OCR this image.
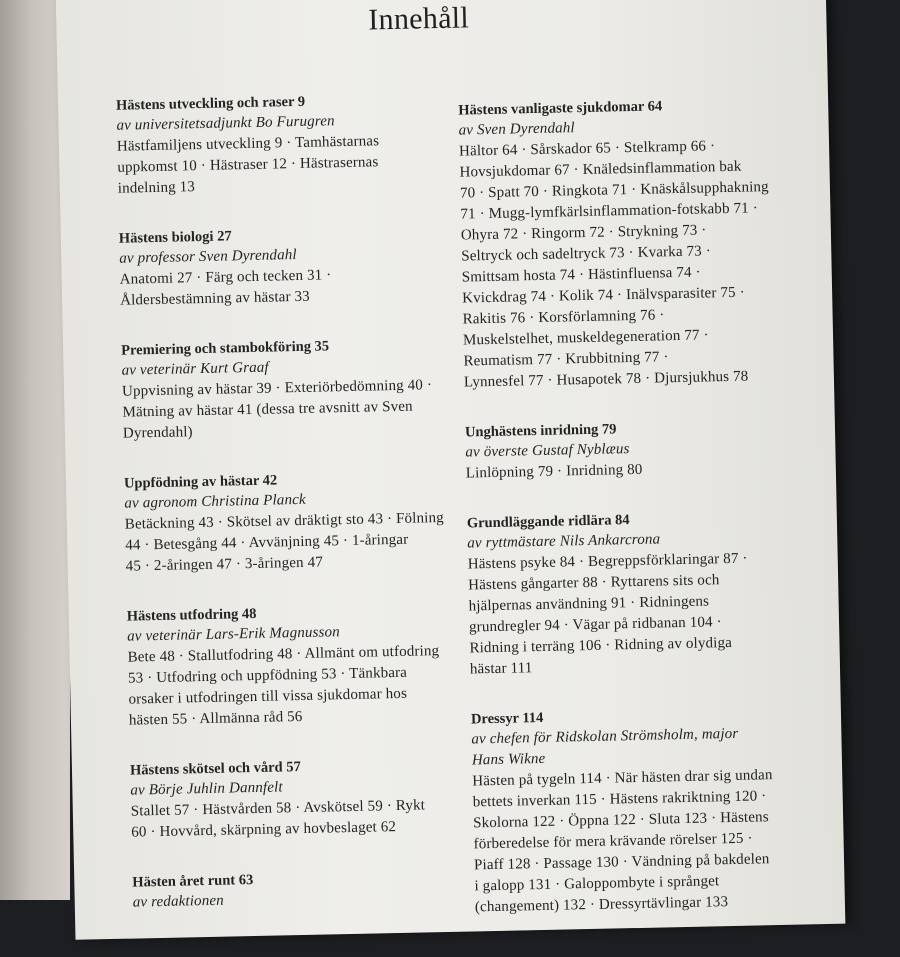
Innehåll
Hästens utveckling och raser 9
av universitetsadjunkt Bo Furugren
Hästfamiljens utveckling 9 · Tamhästarnas
uppkomst 10 · Hästraser 12 · Hästrasernas
indelning 13
Hästens biologi 27
av professor Sven Dyrendahl
Anatomi 27 · Färg och tecken 31 ·
Åldersbestämning av hästar 33
Premiering och stambokföring 35
av veterinär Kurt Graaf
Uppvisning av hästar 39 · Exteriörbedömning 40 ·
Mätning av hästar 41 (dessa tre avsnitt av Sven
Dyrendahl)
Uppfödning av hästar 42
av agronom Christina Planck
Betäckning 43 · Skötsel av dräktigt sto 43 · Fölning
44 · Betesgång 44 · Avvänjning 45 · 1-åringar
45 · 2-åringen 47 · 3-åringen 47
Hästens utfodring 48
av veterinär Lars-Erik Magnusson
Bete 48 · Stallutfodring 48 · Allmänt om utfodring
53 · Utfodring och uppfödning 53 · Tänkbara
orsaker i utfodringen till vissa sjukdomar hos
hästen 55 · Allmänna råd 56
Hästens skötsel och vård 57
av Börje Juhlin Dannfelt
Stallet 57 · Hästvården 58 · Avskötsel 59 · Rykt
60 · Hovvård, skärpning av hovbeslaget 62
Hästen året runt 63
av redaktionen
Hästens vanligaste sjukdomar 64
av Sven Dyrendahl
Hältor 64 · Sårskador 65 · Stelkramp 66 ·
Hovsjukdomar 67 · Knäledsinflammation bak
70 · Spatt 70 · Ringkota 71 · Knäskålsupphakning
71 · Mugg-lymfkärlsinflammation-fotskabb 71 ·
Ohyra 72 · Ringorm 72 · Strykning 73 ·
Seltryck och sadeltryck 73 · Kvarka 73 ·
Smittsam hosta 74 · Hästinfluensa 74 ·
Kvickdrag 74 · Kolik 74 · Inälvsparasiter 75 ·
Rakitis 76 · Korsförlamning 76 ·
Muskelstelhet, muskeldegeneration 77 ·
Reumatism 77 · Krubbitning 77 ·
Lynnesfel 77 · Husapotek 78 · Djursjukhus 78
Unghästens inridning 79
av överste Gustaf Nyblæus
Linlöpning 79 · Inridning 80
Grundläggande ridlära 84
av ryttmästare Nils Ankarcrona
Hästens psyke 84 · Begreppsförklaringar 87 ·
Hästens gångarter 88 · Ryttarens sits och
hjälpernas användning 91 · Ridningens
grundregler 94 · Vägar på ridbanan 104 ·
Ridning i terräng 106 · Ridning av olydiga
hästar 111
Dressyr 114
av chefen för Ridskolan Strömsholm, major
Hans Wikne
Hästen på tygeln 114 · När hästen drar sig undan
bettets inverkan 115 · Hästens rakriktning 120 ·
Skolorna 122 · Öppna 122 · Sluta 123 · Hästens
förberedelse för mera krävande rörelser 125 ·
Piaff 128 · Passage 130 · Vändning på bakdelen
i galopp 131 · Galoppombyte i språnget
(changement) 132 · Dressyrtävlingar 133
